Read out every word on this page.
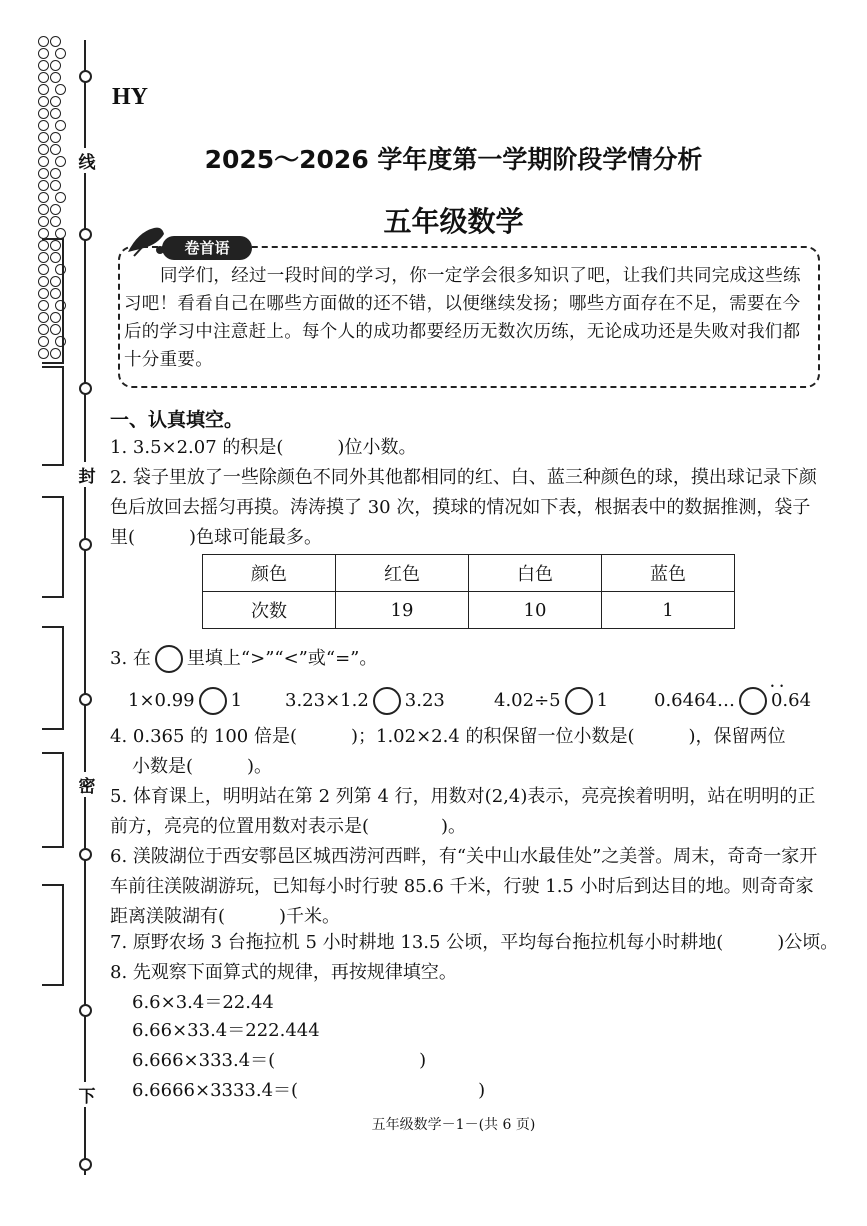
线
封
密
下
HY
2025～2026 学年度第一学期阶段学情分析
五年级数学
卷首语
同学们，经过一段时间的学习，你一定学会很多知识了吧，让我们共同完成这些练习吧！看看自己在哪些方面做的还不错，以便继续发扬；哪些方面存在不足，需要在今后的学习中注意赶上。每个人的成功都要经历无数次历练，无论成功还是失败对我们都十分重要。
一、认真填空。
1. 3.5×2.07 的积是(　　　)位小数。
2. 袋子里放了一些除颜色不同外其他都相同的红、白、蓝三种颜色的球，摸出球记录下颜色后放回去摇匀再摸。涛涛摸了 30 次，摸球的情况如下表，根据表中的数据推测，袋子里(　　　)色球可能最多。
颜色	红色	白色	蓝色
次数	19	10	1
3. 在 里填上“>”“<”或“=”。
1×0.99 1 3.23×1.2 3.23	4.02÷5 1	0.6464… • • 0.64
4. 0.365 的 100 倍是(　　　)；1.02×2.4 的积保留一位小数是(　　　)，保留两位
小数是(　　　)。
5. 体育课上，明明站在第 2 列第 4 行，用数对(2,4)表示，亮亮挨着明明，站在明明的正前方，亮亮的位置用数对表示是(　　　　)。
6. 渼陂湖位于西安鄠邑区城西涝河西畔，有“关中山水最佳处”之美誉。周末，奇奇一家开车前往渼陂湖游玩，已知每小时行驶 85.6 千米，行驶 1.5 小时后到达目的地。则奇奇家距离渼陂湖有(　　　)千米。
7. 原野农场 3 台拖拉机 5 小时耕地 13.5 公顷，平均每台拖拉机每小时耕地(　　　)公顷。
8. 先观察下面算式的规律，再按规律填空。
6.6×3.4＝22.44
6.66×33.4＝222.444
6.666×333.4＝(　　　　　　　　)
6.6666×3333.4＝(　　　　　　　　　　)
五年级数学－1－(共 6 页)
